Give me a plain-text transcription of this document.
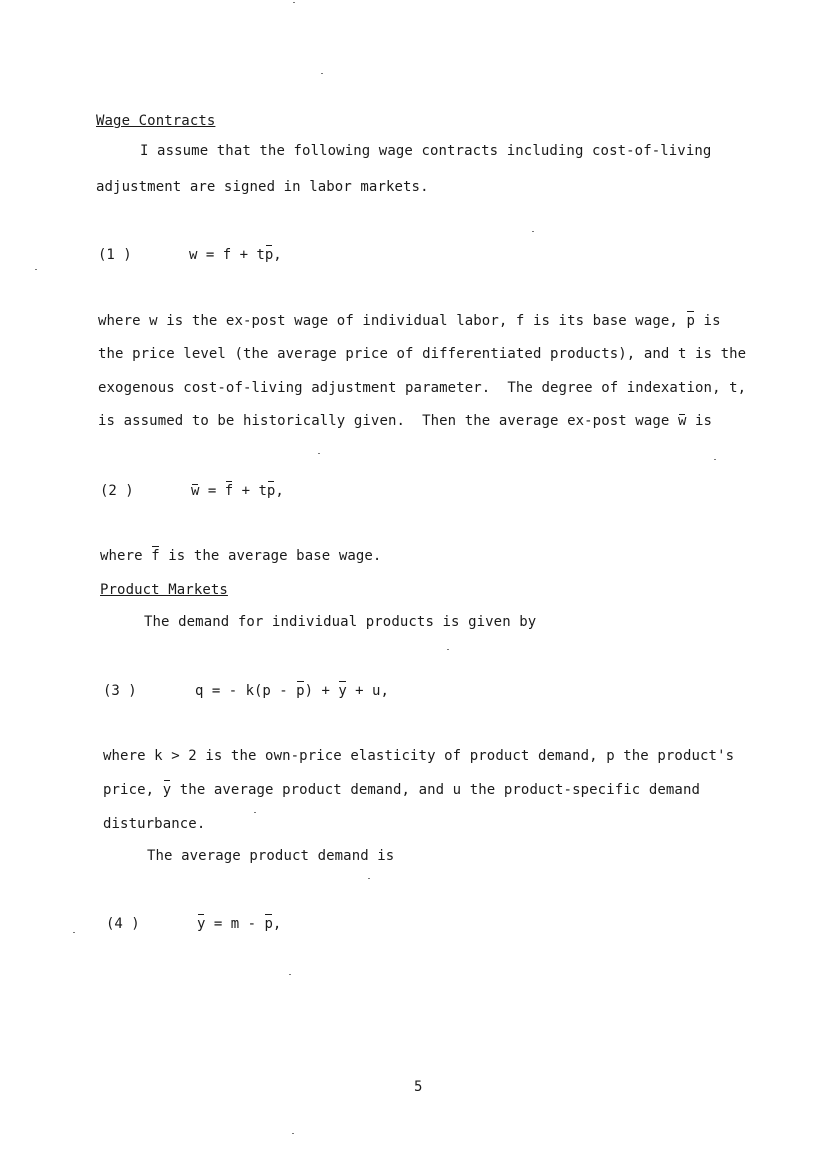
Wage Contracts
I assume that the following wage contracts including cost-of-living
adjustment are signed in labor markets.
(1 )	w = f + tp,
where w is the ex-post wage of individual labor, f is its base wage, p is
the price level (the average price of differentiated products), and t is the
exogenous cost-of-living adjustment parameter.  The degree of indexation, t,
is assumed to be historically given.  Then the average ex-post wage w is
(2 )	w = f + tp,
where f is the average base wage.
Product Markets
The demand for individual products is given by
(3 )	q = - k(p - p) + y + u,
where k > 2 is the own-price elasticity of product demand, p the product's
price, y the average product demand, and u the product-specific demand
disturbance.
The average product demand is
(4 )	y = m - p,
5
